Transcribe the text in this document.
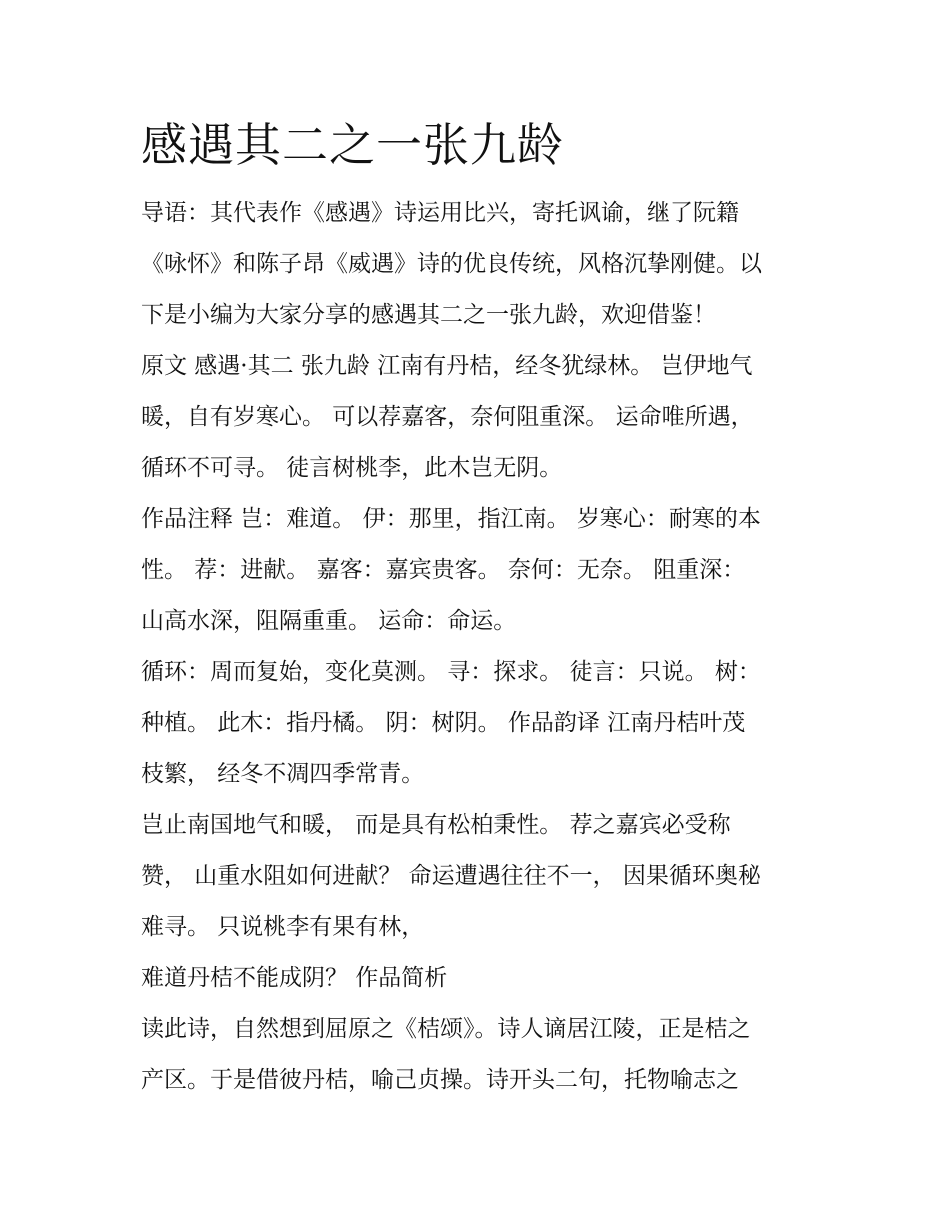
感遇其二之一张九龄
导语：其代表作《感遇》诗运用比兴，寄托讽谕，继了阮籍
《咏怀》和陈子昂《威遇》诗的优良传统，风格沉挚刚健。以
下是小编为大家分享的感遇其二之一张九龄，欢迎借鉴！
原文 感遇·其二 张九龄 江南有丹桔，经冬犹绿林。 岂伊地气
暖，自有岁寒心。 可以荐嘉客，奈何阻重深。 运命唯所遇，
循环不可寻。 徒言树桃李，此木岂无阴。
作品注释 岂：难道。 伊：那里，指江南。 岁寒心：耐寒的本
性。 荐：进献。 嘉客：嘉宾贵客。 奈何：无奈。 阻重深：
山高水深，阻隔重重。 运命：命运。
循环：周而复始，变化莫测。 寻：探求。 徒言：只说。 树：
种植。 此木：指丹橘。 阴：树阴。 作品韵译 江南丹桔叶茂
枝繁， 经冬不凋四季常青。
岂止南国地气和暖， 而是具有松柏秉性。 荐之嘉宾必受称
赞， 山重水阻如何进献？ 命运遭遇往往不一， 因果循环奥秘
难寻。 只说桃李有果有林，
难道丹桔不能成阴？ 作品简析
读此诗，自然想到屈原之《桔颂》。诗人谪居江陵，正是桔之
产区。于是借彼丹桔，喻己贞操。诗开头二句，托物喻志之
